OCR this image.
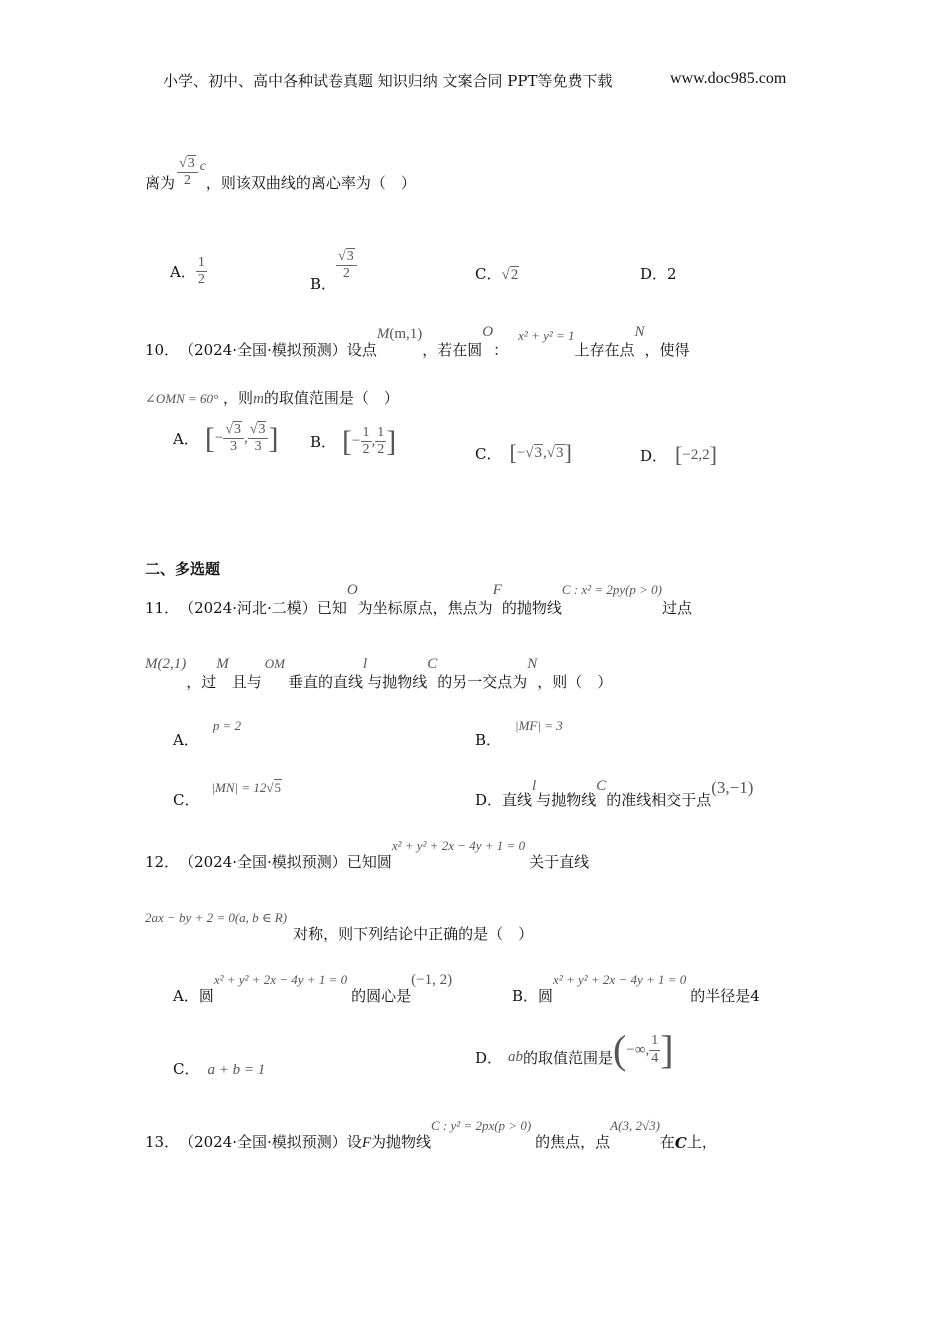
小学、初中、高中各种试卷真题 知识归纳 文案合同 PPT等免费下载	www.doc985.com
离为 $\frac{√3}{2}$ c
，则该双曲线的离心率为（　）
A． $\frac{1}{2}$	B．
$\frac{√3}{2}$	C．√2	D．2
10． （2024·全国·模拟预测） 设点
M(m,1)
，若在圆
O
：
x² + y² = 1
上存在点
N
，使得
∠OMN = 60° ，则m的取值范围是（　）
A． [ − $\frac{√3}{3}$ , $\frac{√3}{3}$ ] B． [ − $\frac{1}{2}$ , $\frac{1}{2}$ ]	C． [ − √3 , √3 ]	D． [ −2,2 ]
二、多选题
11． （2024·河北·二模） 已知
O
为坐标原点，焦点为
F
的抛物线
C : x² = 2py(p > 0)
过点
M(2,1)
，过
M
且与
OM
垂直的直线
l
与抛物线
C
的另一交点为
N
，则（　）
A．
p = 2
B．
|MF| = 3
C．
|MN| = 12√5
D． 直线
l
与抛物线
C
的准线相交于点
(3,−1)
12． （2024·全国·模拟预测） 已知圆
x² + y² + 2x − 4y + 1 = 0
关于直线
2ax − by + 2 = 0(a, b ∈ R)
对称，则下列结论中正确的是（　）
A． 圆
x² + y² + 2x − 4y + 1 = 0
的圆心是
(−1, 2)
B． 圆
x² + y² + 2x − 4y + 1 = 0
的半径是4
C． a + b = 1
D． ab 的取值范围是 ( −∞, $\frac{1}{4}$ ]
13． （2024·全国·模拟预测） 设 F 为抛物线
C : y² = 2px(p > 0)
的焦点，点
A(3, 2√3)
在 C 上，
